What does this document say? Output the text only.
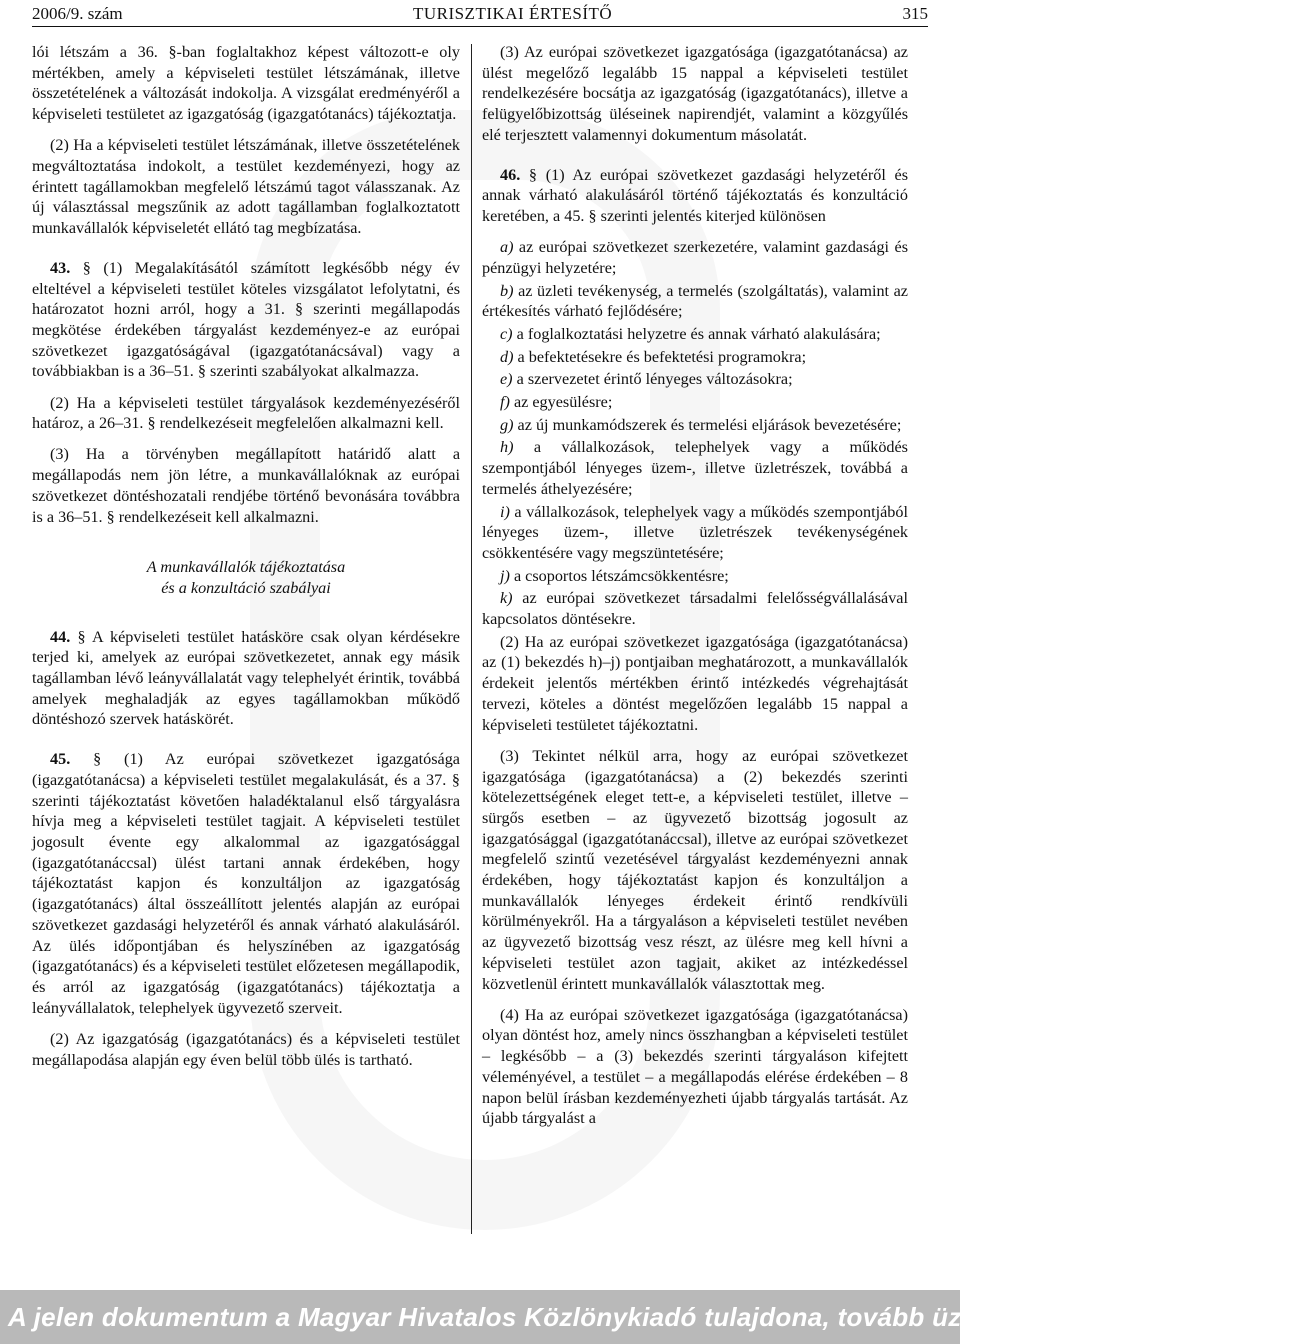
2006/9. szám	TURISZTIKAI ÉRTESÍTŐ	315

lói létszám a 36. §-ban foglaltakhoz képest változott-e oly mértékben, amely a képviseleti testület létszámának, illetve összetételének a változását indokolja. A vizsgálat eredményéről a képviseleti testületet az igazgatóság (igazgatótanács) tájékoztatja.

(2) Ha a képviseleti testület létszámának, illetve összetételének megváltoztatása indokolt, a testület kezdeményezi, hogy az érintett tagállamokban megfelelő létszámú tagot válasszanak. Az új választással megszűnik az adott tagállamban foglalkoztatott munkavállalók képviseletét ellátó tag megbízatása.

43. § (1) Megalakításától számított legkésőbb négy év elteltével a képviseleti testület köteles vizsgálatot lefolytatni, és határozatot hozni arról, hogy a 31. § szerinti megállapodás megkötése érdekében tárgyalást kezdeményez-e az európai szövetkezet igazgatóságával (igazgatótanácsával) vagy a továbbiakban is a 36–51. § szerinti szabályokat alkalmazza.

(2) Ha a képviseleti testület tárgyalások kezdeményezéséről határoz, a 26–31. § rendelkezéseit megfelelően alkalmazni kell.

(3) Ha a törvényben megállapított határidő alatt a megállapodás nem jön létre, a munkavállalóknak az európai szövetkezet döntéshozatali rendjébe történő bevonására továbbra is a 36–51. § rendelkezéseit kell alkalmazni.

A munkavállalók tájékoztatása
és a konzultáció szabályai

44. § A képviseleti testület hatásköre csak olyan kérdésekre terjed ki, amelyek az európai szövetkezetet, annak egy másik tagállamban lévő leányvállalatát vagy telephelyét érintik, továbbá amelyek meghaladják az egyes tagállamokban működő döntéshozó szervek hatáskörét.

45. § (1) Az európai szövetkezet igazgatósága (igazgatótanácsa) a képviseleti testület megalakulását, és a 37. § szerinti tájékoztatást követően haladéktalanul első tárgyalásra hívja meg a képviseleti testület tagjait. A képviseleti testület jogosult évente egy alkalommal az igazgatósággal (igazgatótanáccsal) ülést tartani annak érdekében, hogy tájékoztatást kapjon és konzultáljon az igazgatóság (igazgatótanács) által összeállított jelentés alapján az európai szövetkezet gazdasági helyzetéről és annak várható alakulásáról. Az ülés időpontjában és helyszínében az igazgatóság (igazgatótanács) és a képviseleti testület előzetesen megállapodik, és arról az igazgatóság (igazgatótanács) tájékoztatja a leányvállalatok, telephelyek ügyvezető szerveit.

(2) Az igazgatóság (igazgatótanács) és a képviseleti testület megállapodása alapján egy éven belül több ülés is tartható.

(3) Az európai szövetkezet igazgatósága (igazgatótanácsa) az ülést megelőző legalább 15 nappal a képviseleti testület rendelkezésére bocsátja az igazgatóság (igazgatótanács), illetve a felügyelőbizottság üléseinek napirendjét, valamint a közgyűlés elé terjesztett valamennyi dokumentum másolatát.

46. § (1) Az európai szövetkezet gazdasági helyzetéről és annak várható alakulásáról történő tájékoztatás és konzultáció keretében, a 45. § szerinti jelentés kiterjed különösen

a) az európai szövetkezet szerkezetére, valamint gazdasági és pénzügyi helyzetére;

b) az üzleti tevékenység, a termelés (szolgáltatás), valamint az értékesítés várható fejlődésére;

c) a foglalkoztatási helyzetre és annak várható alakulására;

d) a befektetésekre és befektetési programokra;

e) a szervezetet érintő lényeges változásokra;

f) az egyesülésre;

g) az új munkamódszerek és termelési eljárások bevezetésére;

h) a vállalkozások, telephelyek vagy a működés szempontjából lényeges üzem-, illetve üzletrészek, továbbá a termelés áthelyezésére;

i) a vállalkozások, telephelyek vagy a működés szempontjából lényeges üzem-, illetve üzletrészek tevékenységének csökkentésére vagy megszüntetésére;

j) a csoportos létszámcsökkentésre;

k) az európai szövetkezet társadalmi felelősségvállalásával kapcsolatos döntésekre.

(2) Ha az európai szövetkezet igazgatósága (igazgatótanácsa) az (1) bekezdés h)–j) pontjaiban meghatározott, a munkavállalók érdekeit jelentős mértékben érintő intézkedés végrehajtását tervezi, köteles a döntést megelőzően legalább 15 nappal a képviseleti testületet tájékoztatni.

(3) Tekintet nélkül arra, hogy az európai szövetkezet igazgatósága (igazgatótanácsa) a (2) bekezdés szerinti kötelezettségének eleget tett-e, a képviseleti testület, illetve – sürgős esetben – az ügyvezető bizottság jogosult az igazgatósággal (igazgatótanáccsal), illetve az európai szövetkezet megfelelő szintű vezetésével tárgyalást kezdeményezni annak érdekében, hogy tájékoztatást kapjon és konzultáljon a munkavállalók lényeges érdekeit érintő rendkívüli körülményekről. Ha a tárgyaláson a képviseleti testület nevében az ügyvezető bizottság vesz részt, az ülésre meg kell hívni a képviseleti testület azon tagjait, akiket az intézkedéssel közvetlenül érintett munkavállalók választottak meg.

(4) Ha az európai szövetkezet igazgatósága (igazgatótanácsa) olyan döntést hoz, amely nincs összhangban a képviseleti testület – legkésőbb – a (3) bekezdés szerinti tárgyaláson kifejtett véleményével, a testület – a megállapodás elérése érdekében – 8 napon belül írásban kezdeményezheti újabb tárgyalás tartását. Az újabb tárgyalást a

A jelen dokumentum a Magyar Hivatalos Közlönykiadó tulajdona, tovább üzleti célú felhasználása tilos!
